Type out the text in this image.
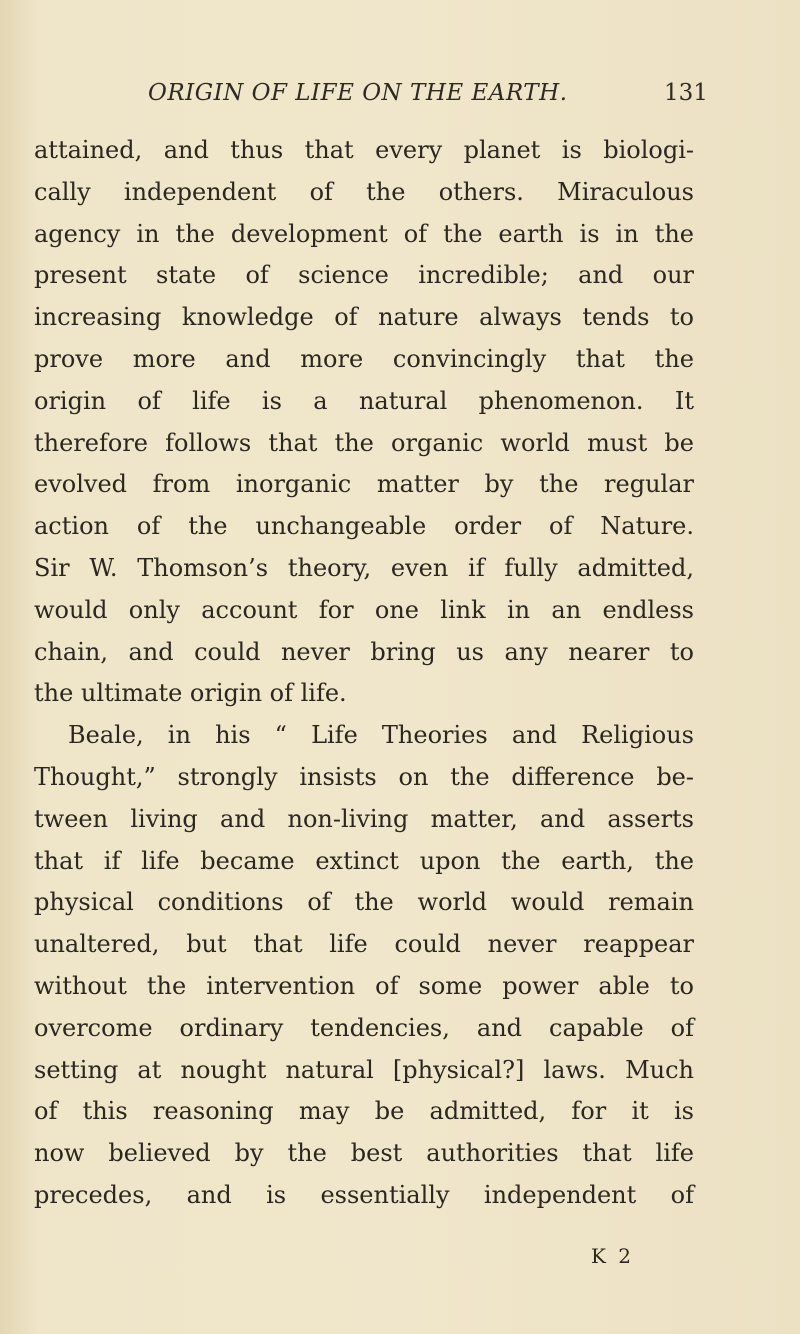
ORIGIN OF LIFE ON THE EARTH.	131
attained, and thus that every planet is biologi-
cally independent of the others. Miraculous
agency in the development of the earth is in the
present state of science incredible; and our
increasing knowledge of nature always tends to
prove more and more convincingly that the
origin of life is a natural phenomenon. It
therefore follows that the organic world must be
evolved from inorganic matter by the regular
action of the unchangeable order of Nature.
Sir W. Thomson’s theory, even if fully admitted,
would only account for one link in an endless
chain, and could never bring us any nearer to
the ultimate origin of life.
Beale, in his “ Life Theories and Religious
Thought,” strongly insists on the difference be-
tween living and non-living matter, and asserts
that if life became extinct upon the earth, the
physical conditions of the world would remain
unaltered, but that life could never reappear
without the intervention of some power able to
overcome ordinary tendencies, and capable of
setting at nought natural [physical?] laws. Much
of this reasoning may be admitted, for it is
now believed by the best authorities that life
precedes, and is essentially independent of
K 2
